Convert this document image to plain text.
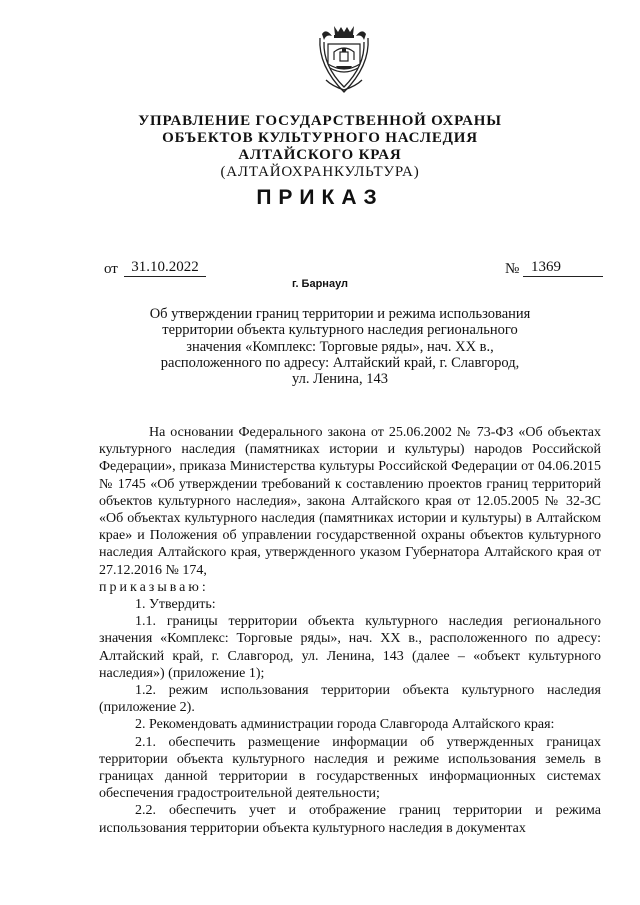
УПРАВЛЕНИЕ ГОСУДАРСТВЕННОЙ ОХРАНЫ
ОБЪЕКТОВ КУЛЬТУРНОГО НАСЛЕДИЯ
АЛТАЙСКОГО КРАЯ
(АЛТАЙОХРАНКУЛЬТУРА)
ПРИКАЗ
от 31.10.2022	№ 1369
г. Барнаул
Об утверждении границ территории и режима использования
территории объекта культурного наследия регионального
значения «Комплекс: Торговые ряды», нач. XX в.,
расположенного по адресу: Алтайский край, г. Славгород,
ул. Ленина, 143

На основании Федерального закона от 25.06.2002 № 73-ФЗ «Об объектах культурного наследия (памятниках истории и культуры) народов Российской Федерации», приказа Министерства культуры Российской Федерации от 04.06.2015 № 1745 «Об утверждении требований к составлению проектов границ территорий объектов культурного наследия», закона Алтайского края от 12.05.2005 № 32-ЗС «Об объектах культурного наследия (памятниках истории и культуры) в Алтайском крае» и Положения об управлении государственной охраны объектов культурного наследия Алтайского края, утвержденного указом Губернатора Алтайского края от 27.12.2016 № 174,

приказываю:

1. Утвердить:

1.1. границы территории объекта культурного наследия регионального значения «Комплекс: Торговые ряды», нач. XX в., расположенного по адресу: Алтайский край, г. Славгород, ул. Ленина, 143 (далее – «объект культурного наследия») (приложение 1);

1.2. режим использования территории объекта культурного наследия (приложение 2).

2. Рекомендовать администрации города Славгорода Алтайского края:

2.1. обеспечить размещение информации об утвержденных границах территории объекта культурного наследия и режиме использования земель в границах данной территории в государственных информационных системах обеспечения градостроительной деятельности;

2.2. обеспечить учет и отображение границ территории и режима использования территории объекта культурного наследия в документах
